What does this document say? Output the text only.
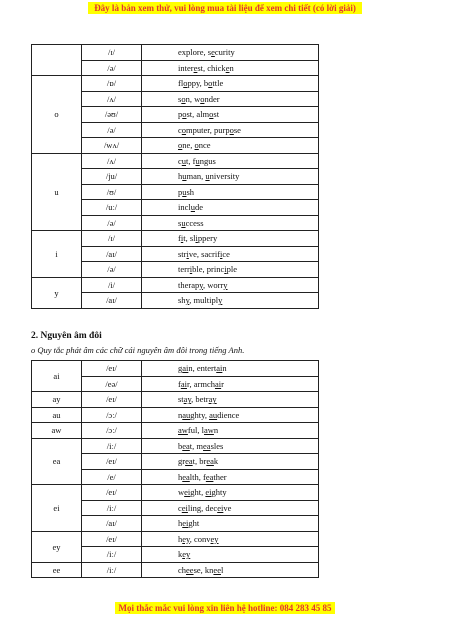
Đây là bản xem thử, vui lòng mua tài liệu để xem chi tiết (có lời giải)
	/ɪ/	explore, security
	/ə/	interest, chicken
o	/ɒ/	floppy, bottle
	/ʌ/	son, wonder
	/əʊ/	post, almost
	/ə/	computer, purpose
	/wʌ/	one, once
u	/ʌ/	cut, fungus
	/ju/	human, university
	/ʊ/	push
	/uː/	include
	/ə/	success
i	/ɪ/	fit, slippery
	/aɪ/	strive, sacrifice
	/ə/	terrible, principle
y	/i/	therapy, worry
	/aɪ/	shy, multiply
2. Nguyên âm đôi
o Quy tắc phát âm các chữ cái nguyên âm đôi trong tiếng Anh.
ai	/eɪ/	gain, entertain
	/eə/	fair, armchair
ay	/eɪ/	stay, betray
au	/ɔː/	naughty, audience
aw	/ɔː/	awful, lawn
ea	/iː/	beat, measles
	/eɪ/	great, break
	/e/	health, feather
ei	/eɪ/	weight, eighty
	/iː/	ceiling, deceive
	/aɪ/	height
ey	/eɪ/	hey, convey
	/iː/	key
ee	/iː/	cheese, kneel
Mọi thắc mắc vui lòng xin liên hệ hotline: 084 283 45 85
